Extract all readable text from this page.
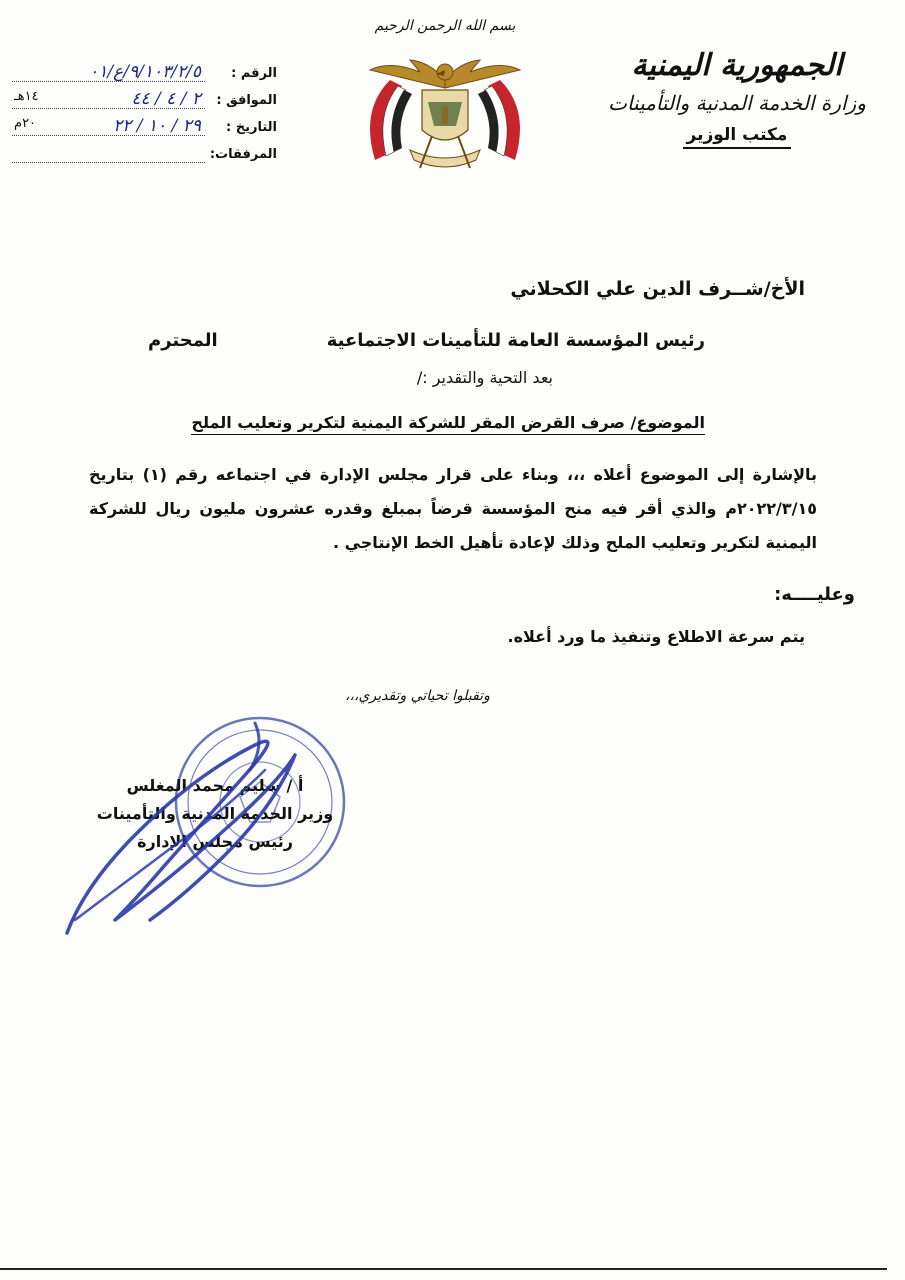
الجمهورية اليمنية
وزارة الخدمة المدنية والتأمينات
مكتب الوزير
بسم الله الرحمن الرحيم
الرقم :
٩/١٠٣/٢/٥/ع/٠١
الموافق :
٢ / ٤ / ٤٤
١٤هـ
التاريخ :
٢٩ / ١٠ / ٢٢
٢٠م
المرفقات:
الأخ/شــرف الدين علي الكحلاني
رئيس المؤسسة العامة للتأمينات الاجتماعية
المحترم
بعد التحية والتقدير :/
الموضوع/ صرف القرض المقر للشركة اليمنية لتكرير وتعليب الملح
بالإشارة إلى الموضوع أعلاه ،،، وبناء على قرار مجلس الإدارة في اجتماعه رقم (١) بتاريخ ٢٠٢٢/٣/١٥م والذي أقر فيه منح المؤسسة قرضاً بمبلغ وقدره عشرون مليون ريال للشركة اليمنية لتكرير وتعليب الملح وذلك لإعادة تأهيل الخط الإنتاجي .
وعليــــه:
يتم سرعة الاطلاع وتنفيذ ما ورد أعلاه.
وتقبلوا تحياتي وتقديري،،،
أ / سليم محمد المغلس
وزير الخدمة المدنية والتأمينات
رئيس مجلس الإدارة
